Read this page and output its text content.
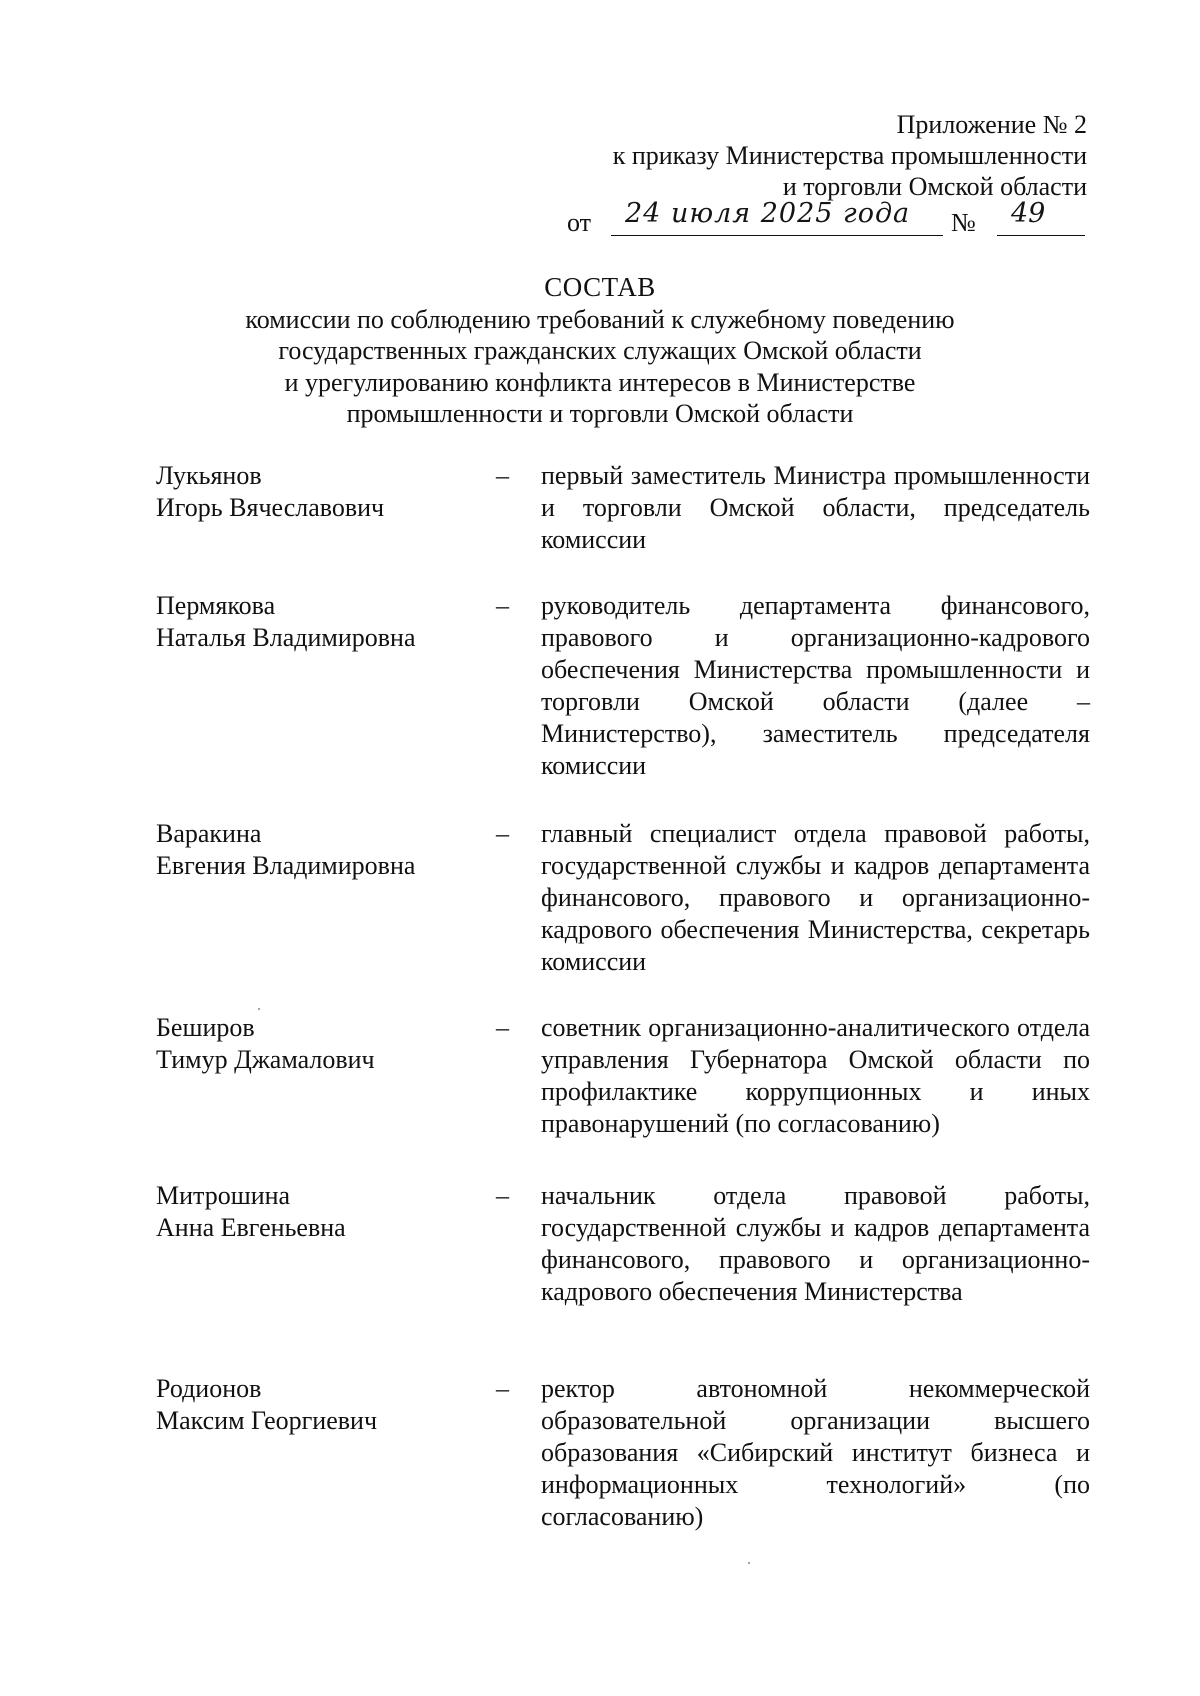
Приложение № 2
к приказу Министерства промышленности
и торговли Омской области
от	24 июля 2025 года	№	49
СОСТАВ
комиссии по соблюдению требований к служебному поведению
государственных гражданских служащих Омской области
и урегулированию конфликта интересов в Министерстве
промышленности и торговли Омской области
Лукьянов
Игорь Вячеславович
– первый заместитель Министра промышленности и торговли Омской области, председатель комиссии
Пермякова
Наталья Владимировна
– руководитель департамента финансового, правового и организационно-кадрового обеспечения Министерства промышленности и торговли Омской области (далее – Министерство), заместитель председателя комиссии
Варакина
Евгения Владимировна
– главный специалист отдела правовой работы, государственной службы и кадров департамента финансового, правового и организационно-кадрового обеспечения Министерства, секретарь комиссии
Беширов
Тимур Джамалович
– советник организационно-аналитического отдела управления Губернатора Омской области по профилактике коррупционных и иных правонарушений (по согласованию)
Митрошина
Анна Евгеньевна
– начальник отдела правовой работы, государственной службы и кадров департамента финансового, правового и организационно-кадрового обеспечения Министерства
Родионов
Максим Георгиевич
– ректор автономной некоммерческой образовательной организации высшего образования «Сибирский институт бизнеса и информационных технологий» (по согласованию)
